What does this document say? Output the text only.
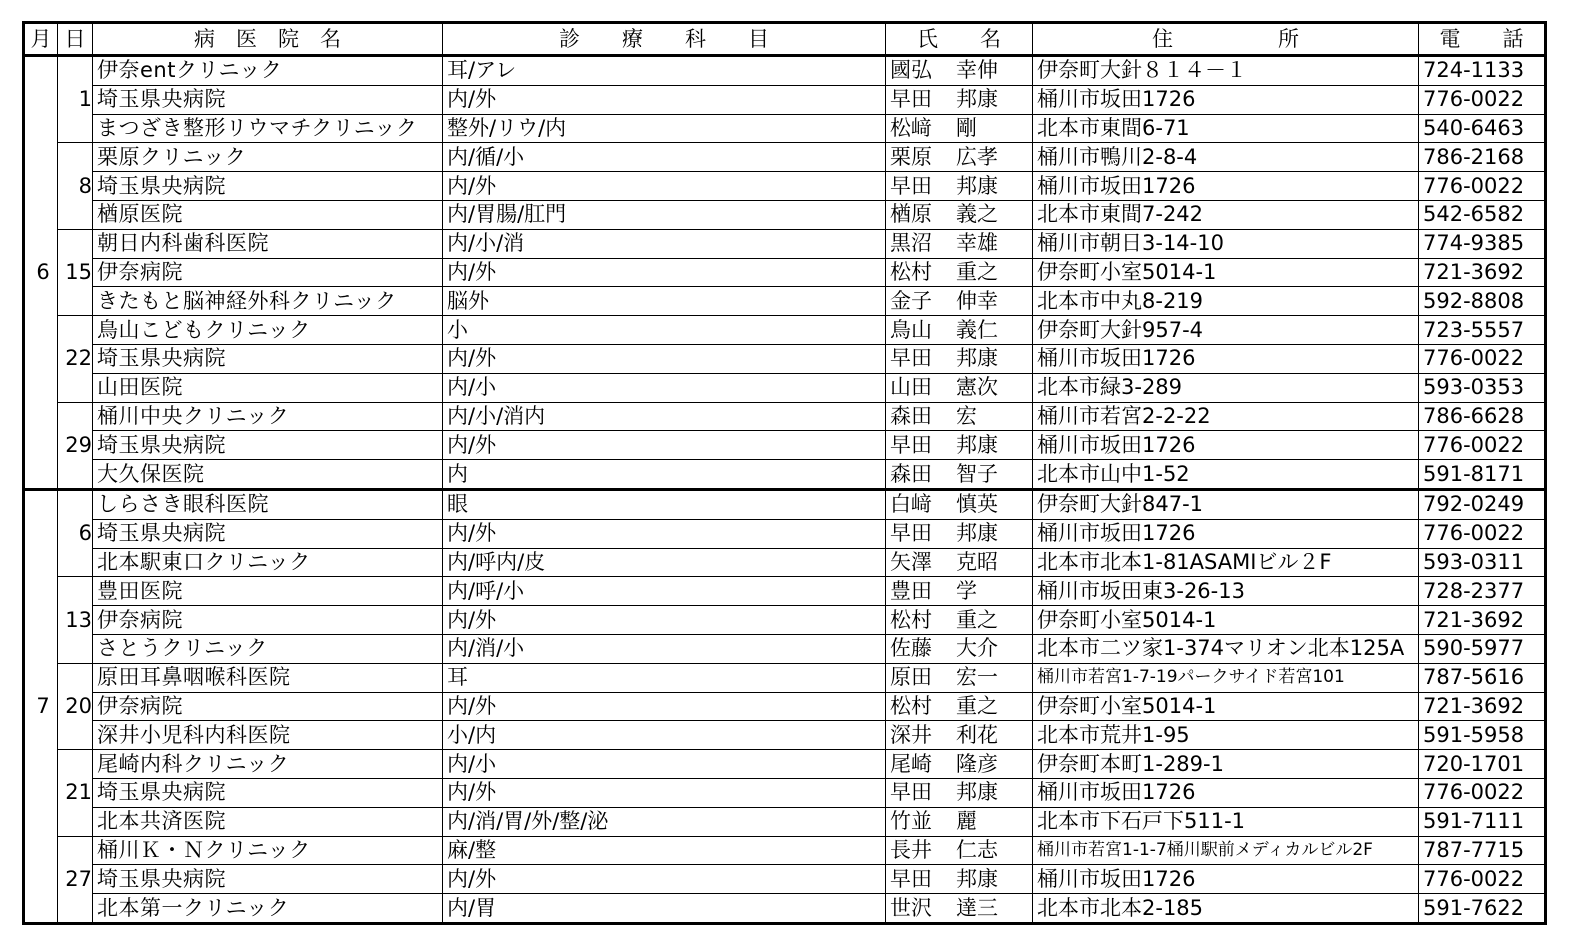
月	日	病　医　院　名	診　　療　　科　　目	氏　　名	住　　　　　所	電　　話
6	1	伊奈entクリニック	耳/アレ	國弘 幸伸	伊奈町大針８１４－１	724-1133
		埼玉県央病院	内/外	早田 邦康	桶川市坂田1726	776-0022
		まつざき整形リウマチクリニック	整外/リウ/内	松﨑 剛	北本市東間6-71	540-6463
	8	栗原クリニック	内/循/小	栗原 広孝	桶川市鴨川2-8-4	786-2168
		埼玉県央病院	内/外	早田 邦康	桶川市坂田1726	776-0022
		楢原医院	内/胃腸/肛門	楢原 義之	北本市東間7-242	542-6582
	15	朝日内科歯科医院	内/小/消	黒沼 幸雄	桶川市朝日3-14-10	774-9385
		伊奈病院	内/外	松村 重之	伊奈町小室5014-1	721-3692
		きたもと脳神経外科クリニック	脳外	金子 伸幸	北本市中丸8-219	592-8808
	22	鳥山こどもクリニック	小	鳥山 義仁	伊奈町大針957-4	723-5557
		埼玉県央病院	内/外	早田 邦康	桶川市坂田1726	776-0022
		山田医院	内/小	山田 憲次	北本市緑3-289	593-0353
	29	桶川中央クリニック	内/小/消内	森田 宏	桶川市若宮2-2-22	786-6628
		埼玉県央病院	内/外	早田 邦康	桶川市坂田1726	776-0022
		大久保医院	内	森田 智子	北本市山中1-52	591-8171
7	6	しらさき眼科医院	眼	白﨑 慎英	伊奈町大針847-1	792-0249
		埼玉県央病院	内/外	早田 邦康	桶川市坂田1726	776-0022
		北本駅東口クリニック	内/呼内/皮	矢澤 克昭	北本市北本1-81ASAMIビル２F	593-0311
	13	豊田医院	内/呼/小	豊田 学	桶川市坂田東3-26-13	728-2377
		伊奈病院	内/外	松村 重之	伊奈町小室5014-1	721-3692
		さとうクリニック	内/消/小	佐藤 大介	北本市二ツ家1-374マリオン北本125A	590-5977
	20	原田耳鼻咽喉科医院	耳	原田 宏一	桶川市若宮1-7-19パークサイド若宮101	787-5616
		伊奈病院	内/外	松村 重之	伊奈町小室5014-1	721-3692
		深井小児科内科医院	小/内	深井 利花	北本市荒井1-95	591-5958
	21	尾崎内科クリニック	内/小	尾崎 隆彦	伊奈町本町1-289-1	720-1701
		埼玉県央病院	内/外	早田 邦康	桶川市坂田1726	776-0022
		北本共済医院	内/消/胃/外/整/泌	竹並 麗	北本市下石戸下511-1	591-7111
	27	桶川Ｋ・Ｎクリニック	麻/整	長井 仁志	桶川市若宮1-1-7桶川駅前メディカルビル2F	787-7715
		埼玉県央病院	内/外	早田 邦康	桶川市坂田1726	776-0022
		北本第一クリニック	内/胃	世沢 達三	北本市北本2-185	591-7622
